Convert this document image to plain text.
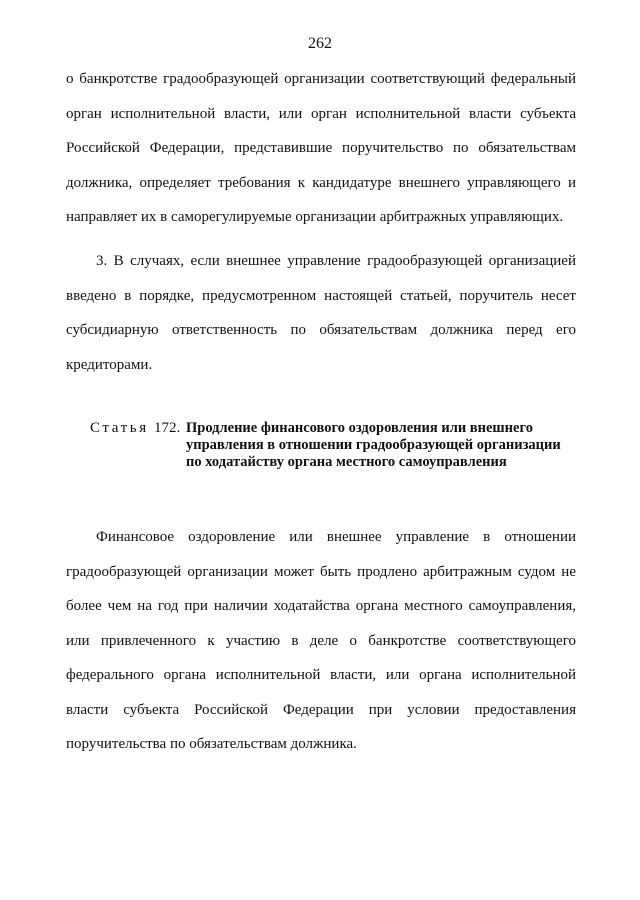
262
о банкротстве градообразующей организации соответствующий федеральный орган исполнительной власти, или орган исполнительной власти субъекта Российской Федерации, представившие поручительство по обязательствам должника, определяет требования к кандидатуре внешнего управляющего и направляет их в саморегулируемые организации арбитражных управляющих.
3. В случаях, если внешнее управление градообразующей организацией введено в порядке, предусмотренном настоящей статьей, поручитель несет субсидиарную ответственность по обязательствам должника перед его кредиторами.
Статья 172. Продление финансового оздоровления или внешнего управления в отношении градообразующей организации по ходатайству органа местного самоуправления
Финансовое оздоровление или внешнее управление в отношении градообразующей организации может быть продлено арбитражным судом не более чем на год при наличии ходатайства органа местного самоуправления, или привлеченного к участию в деле о банкротстве соответствующего федерального органа исполнительной власти, или органа исполнительной власти субъекта Российской Федерации при условии предоставления поручительства по обязательствам должника.
